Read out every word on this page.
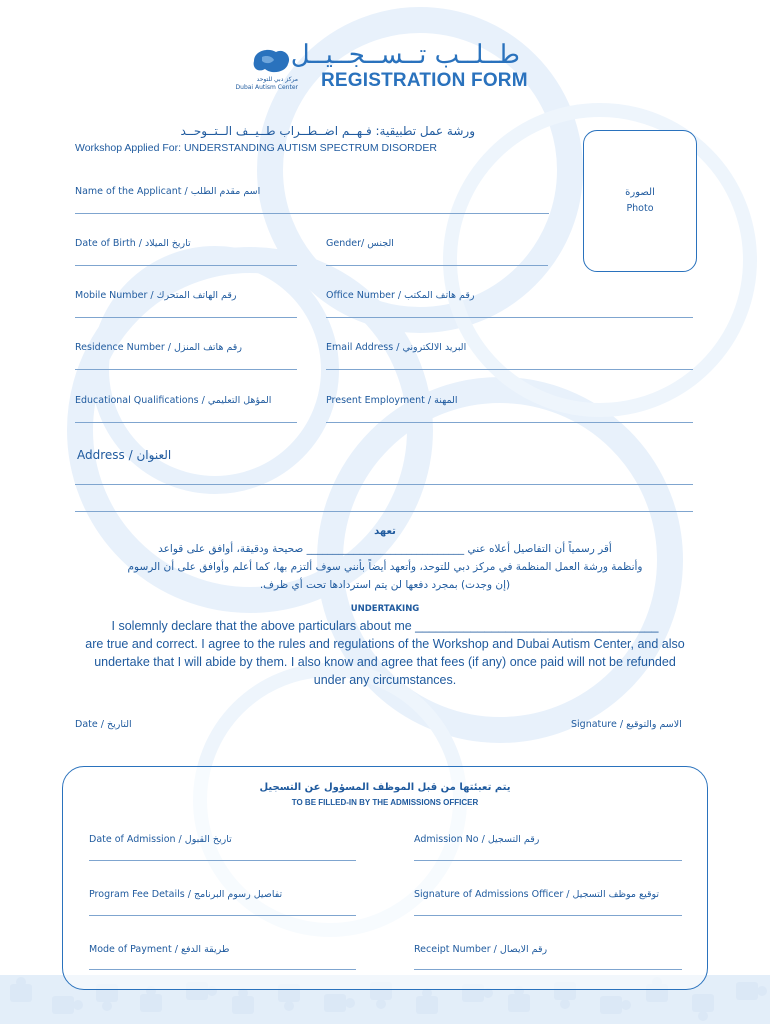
مركز دبي للتوحد
Dubai Autism Center
طــلــب تــســجــيــل
REGISTRATION FORM
ورشة عمل تطبيقية: فـهــم اضــطــراب طــيــف الــتــوحــد
Workshop Applied For: UNDERSTANDING AUTISM SPECTRUM DISORDER
الصورة
Photo
Name of the Applicant / اسم مقدم الطلب
Date of Birth / تاريخ الميلاد	Gender/ الجنس
Mobile Number / رقم الهاتف المتحرك	Office Number / رقم هاتف المكتب
Residence Number / رقم هاتف المنزل	Email Address / البريد الالكتروني
Educational Qualifications / المؤهل التعليمي	Present Employment / المهنة
Address / العنوان
تعهد
أقر رسمياً أن التفاصيل أعلاه عني ______________________________ صحيحة ودقيقة، أوافق على قواعد
وأنظمة ورشة العمل المنظمة في مركز دبي للتوحد، وأتعهد أيضاً بأنني سوف ألتزم بها، كما أعلم وأوافق على أن الرسوم
(إن وجدت) بمجرد دفعها لن يتم استردادها تحت أي ظرف.
UNDERTAKING
I solemnly declare that the above particulars about me ___________________________________
are true and correct. I agree to the rules and regulations of the Workshop and Dubai Autism Center, and also
undertake that I will abide by them. I also know and agree that fees (if any) once paid will not be refunded
under any circumstances.
Date / التاريخ	Signature / الاسم والتوقيع
يتم تعبئتها من قبل الموظف المسؤول عن التسجيل
TO BE FILLED-IN BY THE ADMISSIONS OFFICER
Date of Admission / تاريخ القبول	Admission No / رقم التسجيل
Program Fee Details / تفاصيل رسوم البرنامج	Signature of Admissions Officer / توقيع موظف التسجيل
Mode of Payment / طريقة الدفع	Receipt Number / رقم الايصال
